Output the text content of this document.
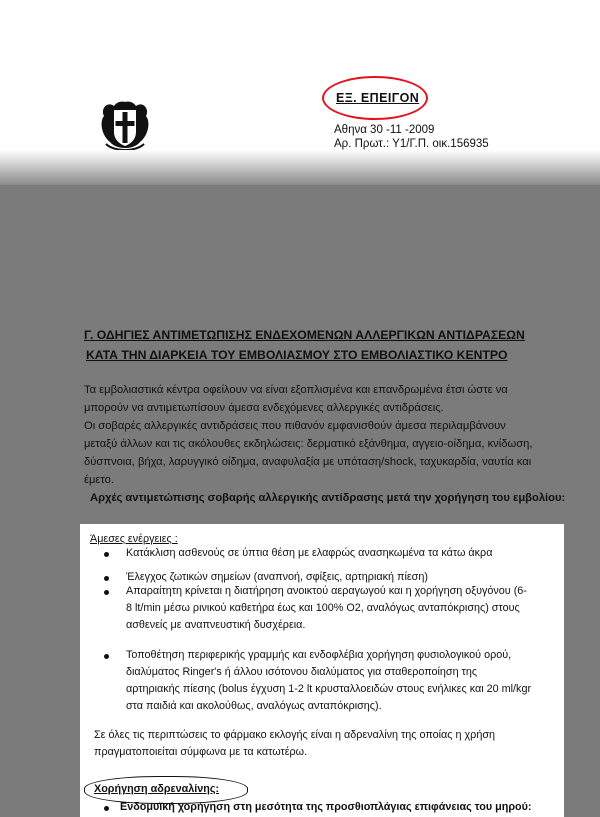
ΕΞ. ΕΠΕΙΓΟΝ
Αθηνα 30 -11 -2009
Αρ. Πρωτ.: Υ1/Γ.Π. οικ.156935
Γ. ΟΔΗΓΙΕΣ ΑΝΤΙΜΕΤΩΠΙΣΗΣ ΕΝΔΕΧΟΜΕΝΩΝ ΑΛΛΕΡΓΙΚΩΝ ΑΝΤΙΔΡΑΣΕΩΝ
ΚΑΤΑ ΤΗΝ ΔΙΑΡΚΕΙΑ ΤΟΥ ΕΜΒΟΛΙΑΣΜΟΥ ΣΤΟ ΕΜΒΟΛΙΑΣΤΙΚΟ ΚΕΝΤΡΟ
Τα εμβολιαστικά κέντρα οφείλουν να είναι εξοπλισμένα και επανδρωμένα έτσι ώστε να
μπορούν να αντιμετωπίσουν άμεσα ενδεχόμενες αλλεργικές αντιδράσεις.
Οι σοβαρές αλλεργικές αντιδράσεις που πιθανόν εμφανισθούν άμεσα περιλαμβάνουν
μεταξύ άλλων και τις ακόλουθες εκδηλώσεις: δερματικό εξάνθημα, αγγειο-οίδημα, κνίδωση,
δύσπνοια, βήχα, λαρυγγικό οίδημα, αναφυλαξία με υπόταση/shock, ταχυκαρδία, ναυτία και
έμετο.
Αρχές αντιμετώπισης σοβαρής αλλεργικής αντίδρασης μετά την χορήγηση του εμβολίου:
Άμεσες ενέργειες :
Κατάκλιση ασθενούς σε ύπτια θέση με ελαφρώς ανασηκωμένα τα κάτω άκρα
Έλεγχος ζωτικών σημείων (αναπνοή, σφίξεις, αρτηριακή πίεση)
Απαραίτητη κρίνεται η διατήρηση ανοικτού αεραγωγού και η χορήγηση οξυγόνου (6-
8 lt/min μέσω ρινικού καθετήρα έως και 100% Ο2, αναλόγως ανταπόκρισης) στους
ασθενείς με αναπνευστική δυσχέρεια.
Τοποθέτηση περιφερικής γραμμής και ενδοφλέβια χορήγηση φυσιολογικού ορού,
διαλύματος Ringer's ή άλλου ισότονου διαλύματος για σταθεροποίηση της
αρτηριακής πίεσης (bolus έγχυση 1-2 lt κρυσταλλοειδών στους ενήλικες και 20 ml/kgr
στα παιδιά και ακολούθως, αναλόγως ανταπόκρισης).
Σε όλες τις περιπτώσεις το φάρμακο εκλογής είναι η αδρεναλίνη της οποίας η χρήση
πραγματοποιείται σύμφωνα με τα κατωτέρω.
Χορήγηση αδρεναλίνης:
Ενδομυϊκή χορήγηση στη μεσότητα της προσθιοπλάγιας επιφάνειας του μηρού:
